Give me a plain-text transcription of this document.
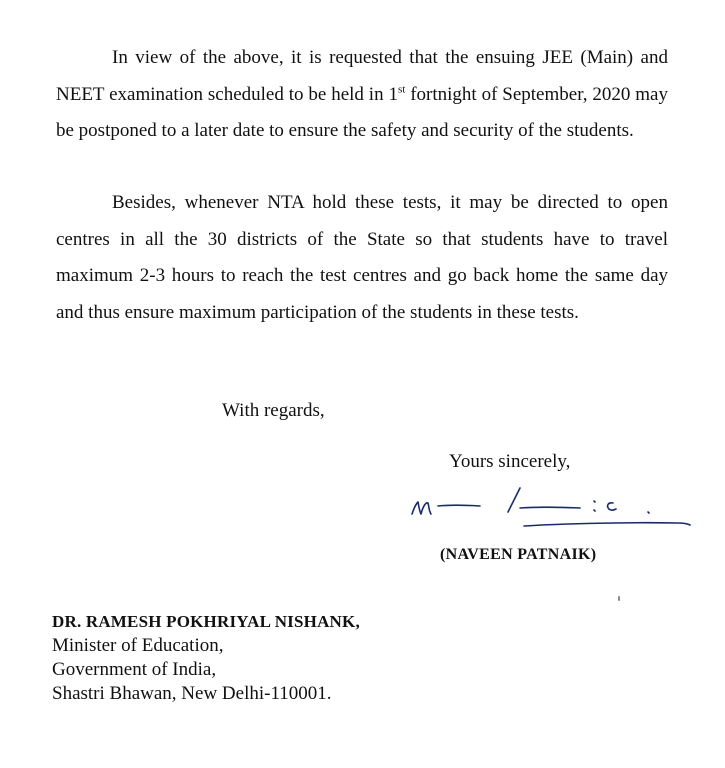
In view of the above, it is requested that the ensuing JEE (Main) and NEET examination scheduled to be held in 1st fortnight of September, 2020 may be postponed to a later date to ensure the safety and security of the students.

Besides, whenever NTA hold these tests, it may be directed to open centres in all the 30 districts of the State so that students have to travel maximum 2-3 hours to reach the test centres and go back home the same day and thus ensure maximum participation of the students in these tests.

With regards,
Yours sincerely,
(NAVEEN PATNAIK)
DR. RAMESH POKHRIYAL NISHANK,
Minister of Education,
Government of India,
Shastri Bhawan, New Delhi-110001.
